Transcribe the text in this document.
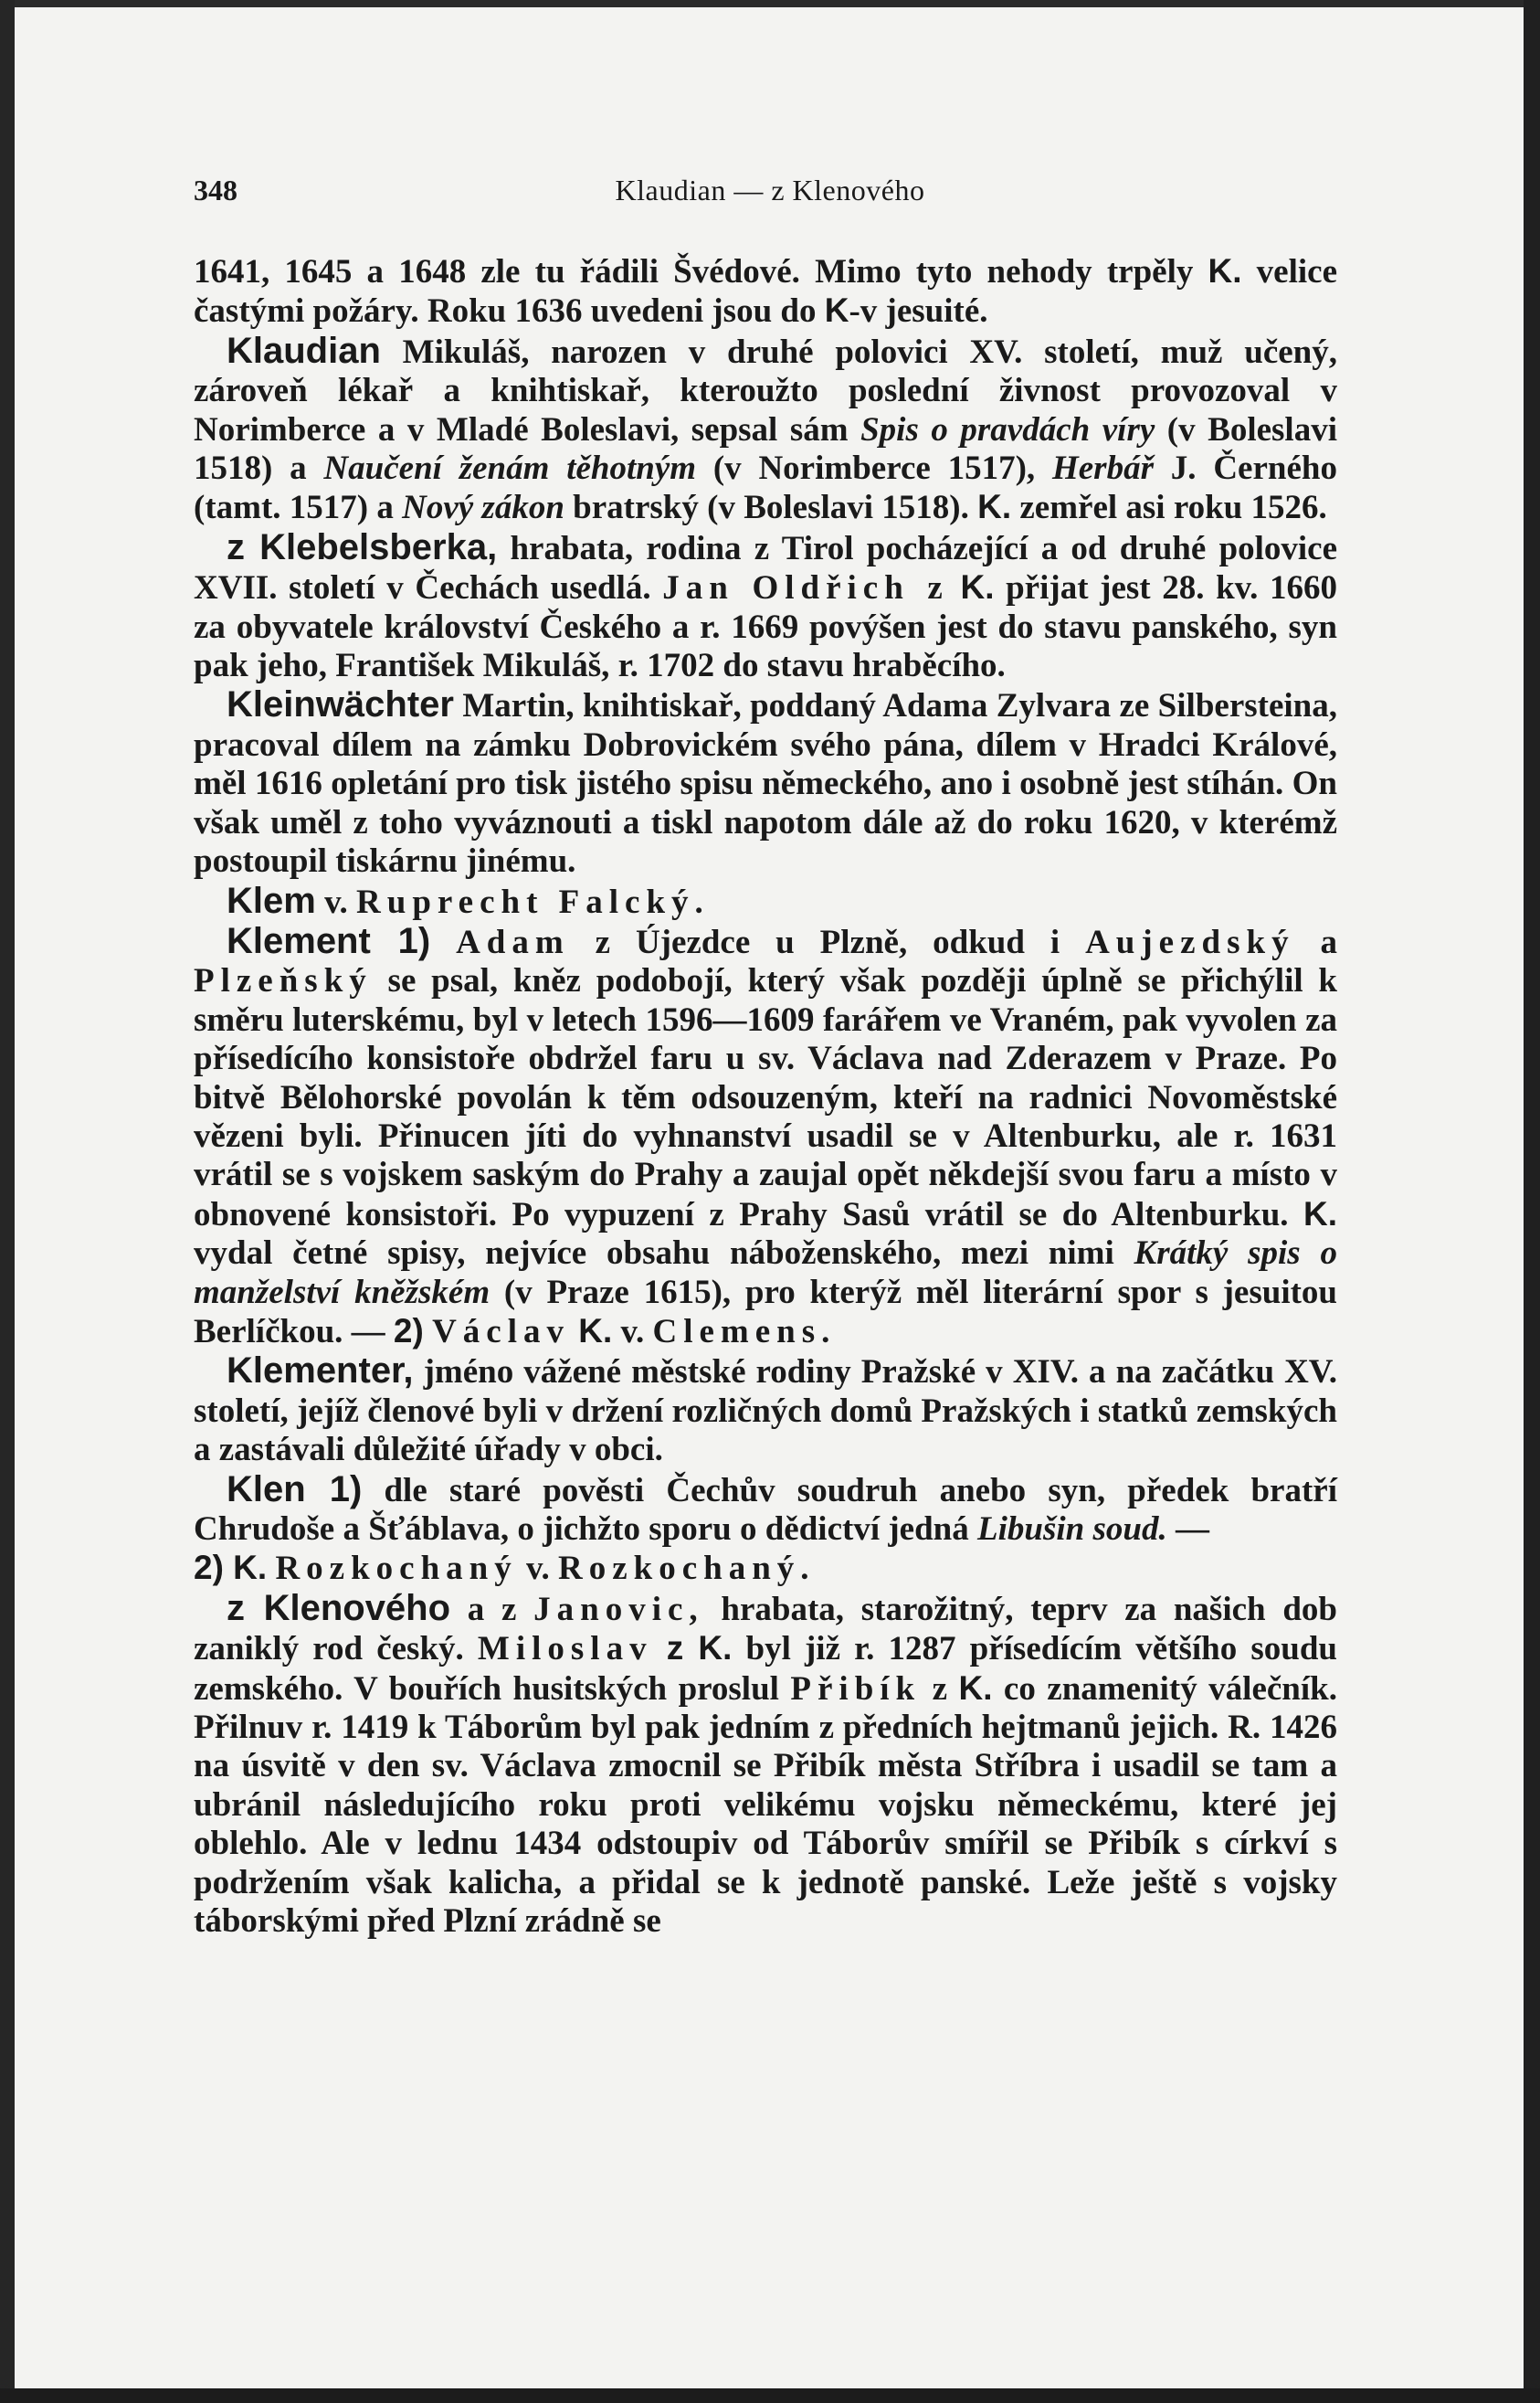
348	Klaudian — z Klenového

1641, 1645 a 1648 zle tu řádili Švédové. Mimo tyto nehody trpěly K. velice častými požáry. Roku 1636 uvedeni jsou do K-v jesuité.

Klaudian Mikuláš, narozen v druhé polovici XV. století, muž učený, zároveň lékař a knihtiskař, kteroužto poslední živnost provozoval v Norimberce a v Mladé Boleslavi, sepsal sám Spis o pravdách víry (v Boleslavi 1518) a Naučení ženám těhotným (v Norimberce 1517), Herbář J. Černého (tamt. 1517) a Nový zákon bratrský (v Boleslavi 1518). K. zemřel asi roku 1526.

z Klebelsberka, hrabata, rodina z Tirol pocházející a od druhé polovice XVII. století v Čechách usedlá. Jan Oldřich z K. přijat jest 28. kv. 1660 za obyvatele království Českého a r. 1669 povýšen jest do stavu panského, syn pak jeho, František Mikuláš, r. 1702 do stavu hraběcího.

Kleinwächter Martin, knihtiskař, poddaný Adama Zylvara ze Silbersteina, pracoval dílem na zámku Dobrovickém svého pána, dílem v Hradci Králové, měl 1616 opletání pro tisk jistého spisu německého, ano i osobně jest stíhán. On však uměl z toho vyváznouti a tiskl napotom dále až do roku 1620, v kterémž postoupil tiskárnu jinému.

Klem v. Ruprecht Falcký.

Klement 1) Adam z Újezdce u Plzně, odkud i Aujezdský a Plzeňský se psal, kněz podobojí, který však později úplně se přichýlil k směru luterskému, byl v letech 1596—1609 farářem ve Vraném, pak vyvolen za přísedícího konsistoře obdržel faru u sv. Václava nad Zderazem v Praze. Po bitvě Bělohorské povolán k těm odsouzeným, kteří na radnici Novoměstské vězeni byli. Přinucen jíti do vyhnanství usadil se v Altenburku, ale r. 1631 vrátil se s vojskem saským do Prahy a zaujal opět někdejší svou faru a místo v obnovené konsistoři. Po vypuzení z Prahy Sasů vrátil se do Altenburku. K. vydal četné spisy, nejvíce obsahu náboženského, mezi nimi Krátký spis o manželství kněžském (v Praze 1615), pro kterýž měl literární spor s jesuitou Berlíčkou. — 2) Václav K. v. Clemens.

Klementer, jméno vážené městské rodiny Pražské v XIV. a na začátku XV. století, jejíž členové byli v držení rozličných domů Pražských i statků zemských a zastávali důležité úřady v obci.

Klen 1) dle staré pověsti Čechův soudruh anebo syn, předek bratří Chrudoše a Šťáblava, o jichžto sporu o dědictví jedná Libušin soud. —
2) K. Rozkochaný v. Rozkochaný.

z Klenového a z Janovic, hrabata, starožitný, teprv za našich dob zaniklý rod český. Miloslav z K. byl již r. 1287 přísedícím většího soudu zemského. V bouřích husitských proslul Přibík z K. co znamenitý válečník. Přilnuv r. 1419 k Táborům byl pak jedním z předních hejtmanů jejich. R. 1426 na úsvitě v den sv. Václava zmocnil se Přibík města Stříbra i usadil se tam a ubránil následujícího roku proti velikému vojsku německému, které jej oblehlo. Ale v lednu 1434 odstoupiv od Táborův smířil se Přibík s církví s podržením však kalicha, a přidal se k jednotě panské. Leže ještě s vojsky táborskými před Plzní zrádně se
